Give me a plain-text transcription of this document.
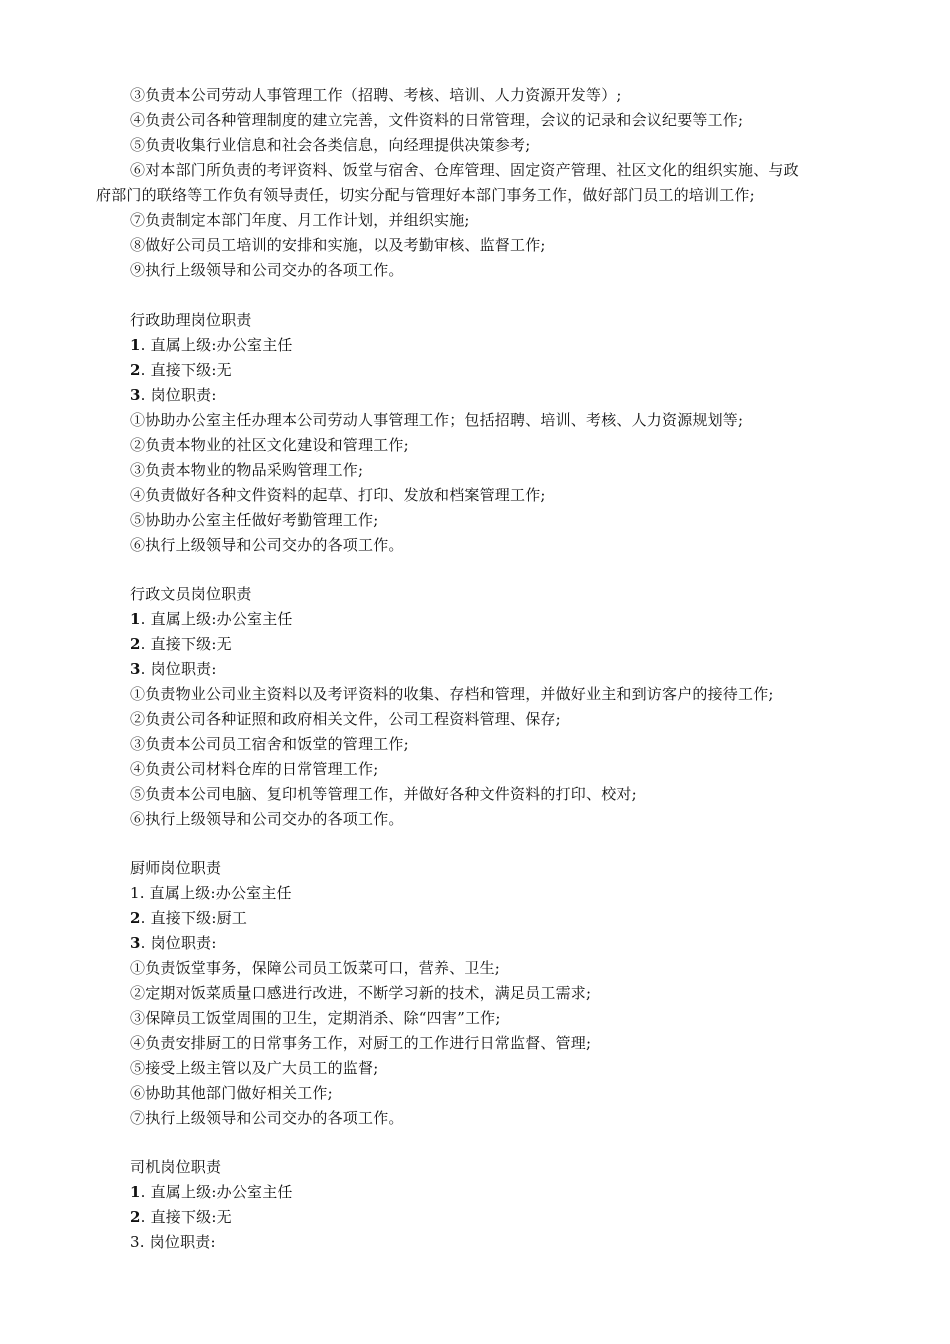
③负责本公司劳动人事管理工作（招聘、考核、培训、人力资源开发等）;
④负责公司各种管理制度的建立完善，文件资料的日常管理，会议的记录和会议纪要等工作;
⑤负责收集行业信息和社会各类信息，向经理提供决策参考;
⑥对本部门所负责的考评资料、饭堂与宿舍、仓库管理、固定资产管理、社区文化的组织实施、与政
府部门的联络等工作负有领导责任，切实分配与管理好本部门事务工作，做好部门员工的培训工作;
⑦负责制定本部门年度、月工作计划，并组织实施;
⑧做好公司员工培训的安排和实施，以及考勤审核、监督工作;
⑨执行上级领导和公司交办的各项工作。
行政助理岗位职责
1. 直属上级:办公室主任
2. 直接下级:无
3. 岗位职责:
①协助办公室主任办理本公司劳动人事管理工作；包括招聘、培训、考核、人力资源规划等;
②负责本物业的社区文化建设和管理工作;
③负责本物业的物品采购管理工作;
④负责做好各种文件资料的起草、打印、发放和档案管理工作;
⑤协助办公室主任做好考勤管理工作;
⑥执行上级领导和公司交办的各项工作。
行政文员岗位职责
1. 直属上级:办公室主任
2. 直接下级:无
3. 岗位职责:
①负责物业公司业主资料以及考评资料的收集、存档和管理，并做好业主和到访客户的接待工作;
②负责公司各种证照和政府相关文件，公司工程资料管理、保存;
③负责本公司员工宿舍和饭堂的管理工作;
④负责公司材料仓库的日常管理工作;
⑤负责本公司电脑、复印机等管理工作，并做好各种文件资料的打印、校对;
⑥执行上级领导和公司交办的各项工作。
厨师岗位职责
1. 直属上级:办公室主任
2. 直接下级:厨工
3. 岗位职责:
①负责饭堂事务，保障公司员工饭菜可口，营养、卫生;
②定期对饭菜质量口感进行改进，不断学习新的技术，满足员工需求;
③保障员工饭堂周围的卫生，定期消杀、除“四害”工作;
④负责安排厨工的日常事务工作，对厨工的工作进行日常监督、管理;
⑤接受上级主管以及广大员工的监督;
⑥协助其他部门做好相关工作;
⑦执行上级领导和公司交办的各项工作。
司机岗位职责
1. 直属上级:办公室主任
2. 直接下级:无
3. 岗位职责:
